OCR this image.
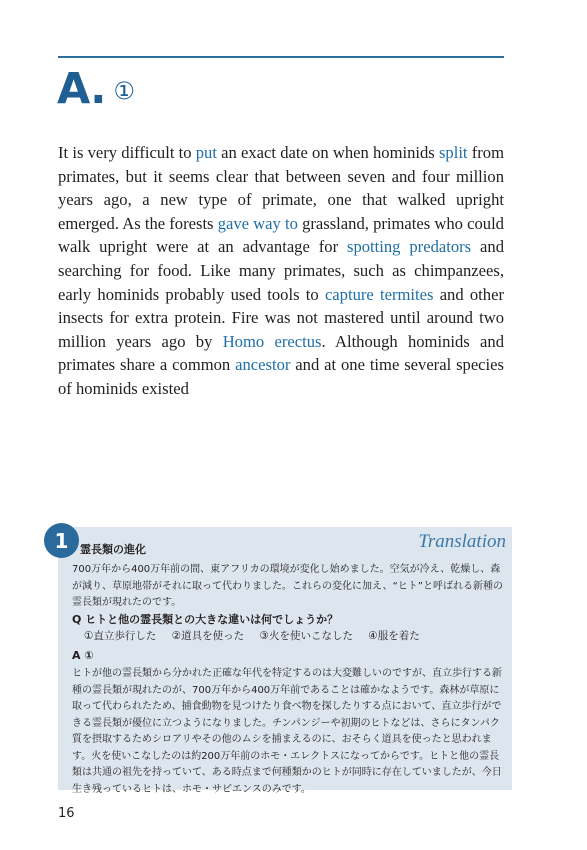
A. ①
It is very difficult to put an exact date on when hominids split from primates, but it seems clear that between seven and four million years ago, a new type of primate, one that walked upright emerged. As the forests gave way to grassland, primates who could walk upright were at an advantage for spotting predators and searching for food. Like many primates, such as chimpanzees, early hominids probably used tools to capture termites and other insects for extra protein. Fire was not mastered until around two million years ago by Homo erectus. Although hominids and primates share a common ancestor and at one time several species of hominids existed
Translation
霊長類の進化
700万年から400万年前の間、東アフリカの環境が変化し始めました。空気が冷え、乾燥し、森が減り、草原地帯がそれに取って代わりました。これらの変化に加え、“ヒト”と呼ばれる新種の霊長類が現れたのです。
Q ヒトと他の霊長類との大きな違いは何でしょうか？
①直立歩行した ②道具を使った ③火を使いこなした ④服を着た
A ①
ヒトが他の霊長類から分かれた正確な年代を特定するのは大変難しいのですが、直立歩行する新種の霊長類が現れたのが、700万年から400万年前であることは確かなようです。森林が草原に取って代わられたため、捕食動物を見つけたり食べ物を探したりする点において、直立歩行ができる霊長類が優位に立つようになりました。チンパンジーや初期のヒトなどは、さらにタンパク質を摂取するためシロアリやその他のムシを捕まえるのに、おそらく道具を使ったと思われます。火を使いこなしたのは約200万年前のホモ・エレクトスになってからです。ヒトと他の霊長類は共通の祖先を持っていて、ある時点まで何種類かのヒトが同時に存在していましたが、今日生き残っているヒトは、ホモ・サピエンスのみです。
1
16
